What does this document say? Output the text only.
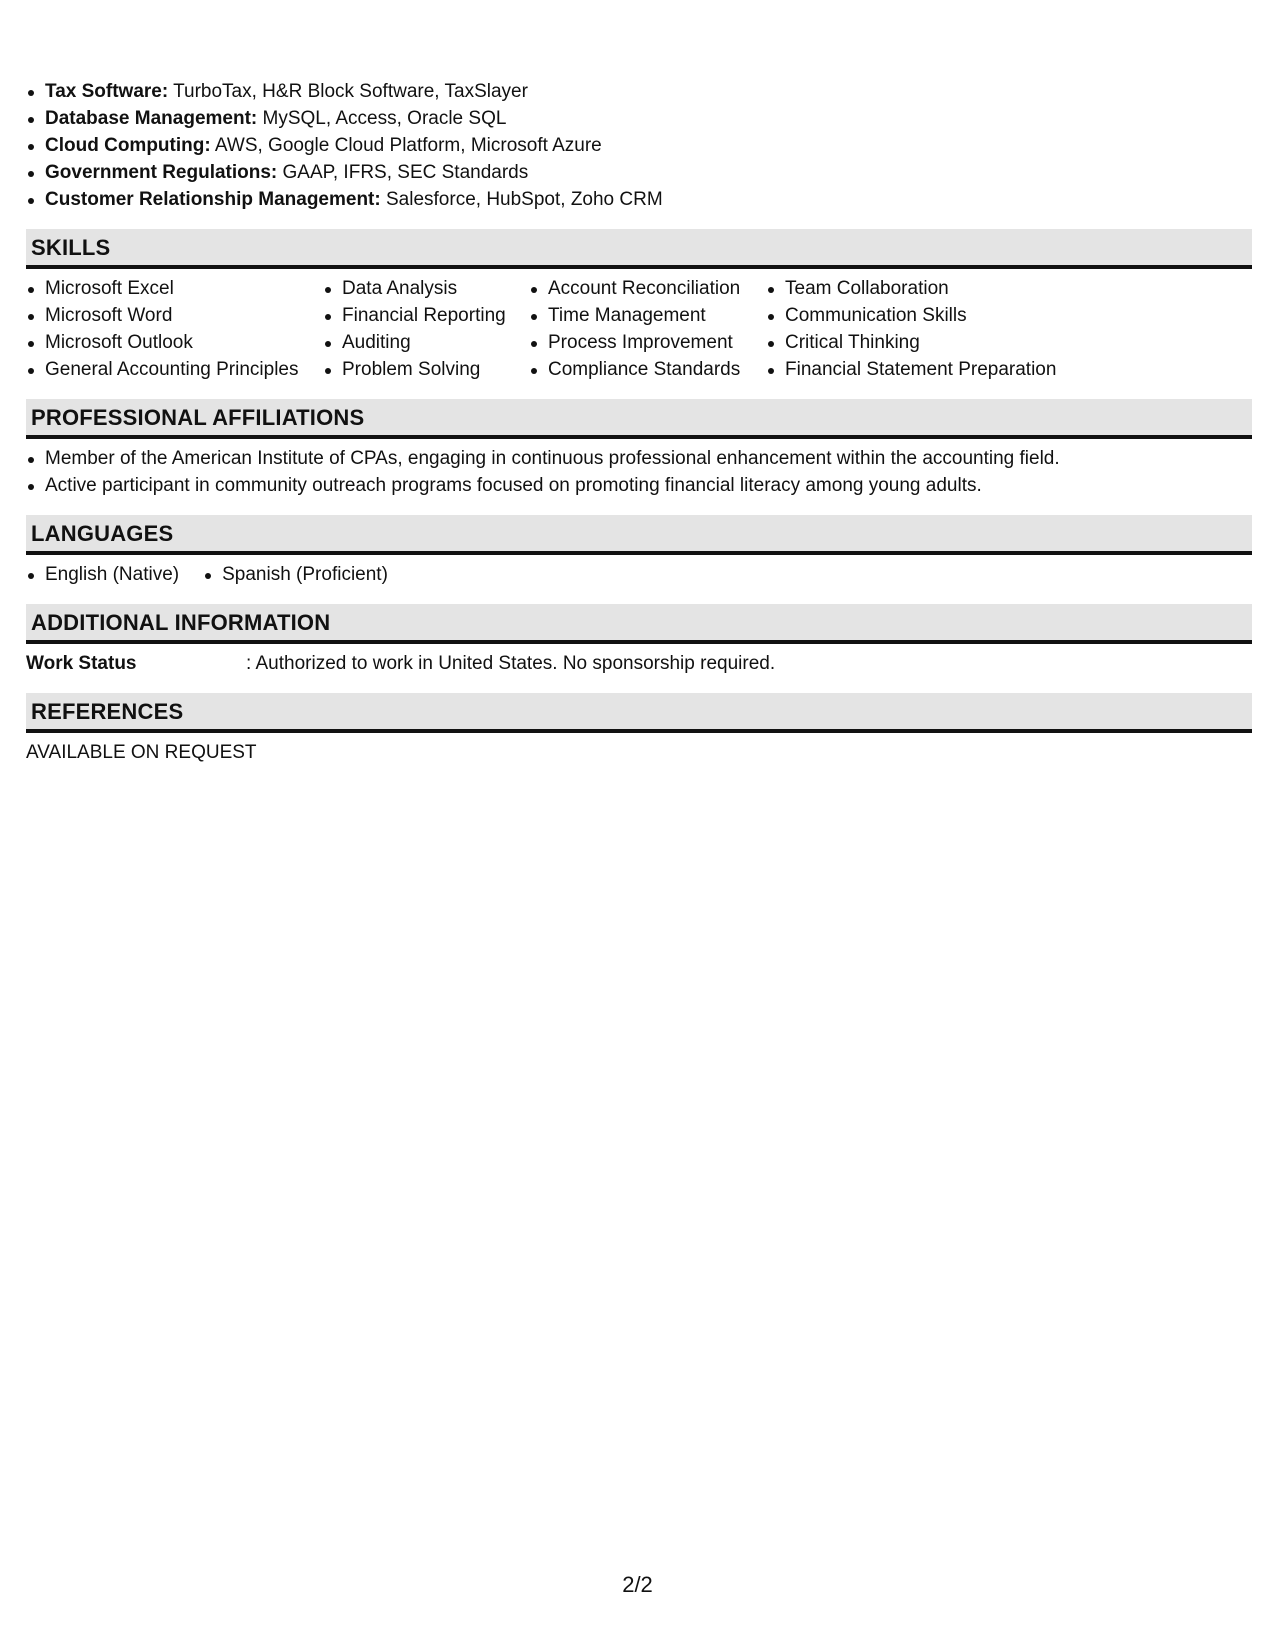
Tax Software: TurboTax, H&R Block Software, TaxSlayer
Database Management: MySQL, Access, Oracle SQL
Cloud Computing: AWS, Google Cloud Platform, Microsoft Azure
Government Regulations: GAAP, IFRS, SEC Standards
Customer Relationship Management: Salesforce, HubSpot, Zoho CRM
SKILLS
Microsoft Excel
Microsoft Word
Microsoft Outlook
General Accounting Principles
Data Analysis
Financial Reporting
Auditing
Problem Solving
Account Reconciliation
Time Management
Process Improvement
Compliance Standards
Team Collaboration
Communication Skills
Critical Thinking
Financial Statement Preparation
PROFESSIONAL AFFILIATIONS
Member of the American Institute of CPAs, engaging in continuous professional enhancement within the accounting field.
Active participant in community outreach programs focused on promoting financial literacy among young adults.
LANGUAGES
English (Native)	Spanish (Proficient)
ADDITIONAL INFORMATION
Work Status	: Authorized to work in United States. No sponsorship required.
REFERENCES
AVAILABLE ON REQUEST
2/2
